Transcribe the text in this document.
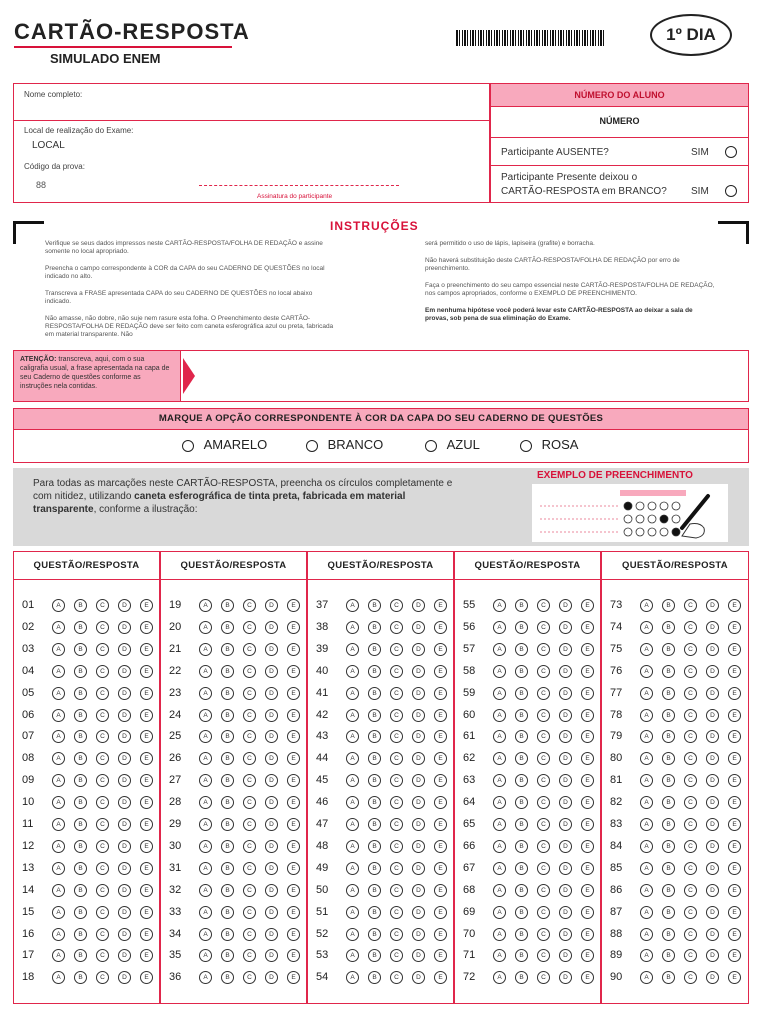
CARTÃO-RESPOSTA
SIMULADO ENEM
1º DIA
Nome completo:
Local de realização do Exame:
LOCAL
Código da prova:
88
Assinatura do participante
NÚMERO DO ALUNO
NÚMERO
Participante AUSENTE?	SIM
Participante Presente deixou o
CARTÃO-RESPOSTA em BRANCO? SIM
INSTRUÇÕES

Verifique se seus dados impressos neste CARTÃO-RESPOSTA/FOLHA DE REDAÇÃO e assine somente no local apropriado.

Preencha o campo correspondente à COR da CAPA do seu CADERNO DE QUESTÕES no local indicado no alto.

Transcreva a FRASE apresentada CAPA do seu CADERNO DE QUESTÕES no local abaixo indicado.

Não amasse, não dobre, não suje nem rasure esta folha. O Preenchimento deste CARTÃO-RESPOSTA/FOLHA DE REDAÇÃO deve ser feito com caneta esferográfica azul ou preta, fabricada em material transparente. Não

será permitido o uso de lápis, lapiseira (grafite) e borracha.

Não haverá substituição deste CARTÃO-RESPOSTA/FOLHA DE REDAÇÃO por erro de preenchimento.

Faça o preenchimento do seu campo essencial neste CARTÃO-RESPOSTA/FOLHA DE REDAÇÃO, nos campos apropriados, conforme o EXEMPLO DE PREENCHIMENTO.

Em nenhuma hipótese você poderá levar este CARTÃO-RESPOSTA ao deixar a sala de provas, sob pena de sua eliminação do Exame.

ATENÇÃO: transcreva, aqui, com o sua caligrafia usual, a frase apresentada na capa de seu Caderno de questões conforme as instruções nela contidas.
MARQUE A OPÇÃO CORRESPONDENTE À COR DA CAPA DO SEU CADERNO DE QUESTÕES
AMARELO	BRANCO	AZUL	ROSA
Para todas as marcações neste CARTÃO-RESPOSTA, preencha os círculos completamente e com nitidez, utilizando caneta esferográfica de tinta preta, fabricada em material transparente, conforme a ilustração:
EXEMPLO DE PREENCHIMENTO
QUESTÃO/RESPOSTA
01	A	B	C	D	E
02	A	B	C	D	E
03	A	B	C	D	E
04	A	B	C	D	E
05	A	B	C	D	E
06	A	B	C	D	E
07	A	B	C	D	E
08	A	B	C	D	E
09	A	B	C	D	E
10	A	B	C	D	E
11	A	B	C	D	E
12	A	B	C	D	E
13	A	B	C	D	E
14	A	B	C	D	E
15	A	B	C	D	E
16	A	B	C	D	E
17	A	B	C	D	E
18	A	B	C	D	E
QUESTÃO/RESPOSTA
19	A	B	C	D	E
20	A	B	C	D	E
21	A	B	C	D	E
22	A	B	C	D	E
23	A	B	C	D	E
24	A	B	C	D	E
25	A	B	C	D	E
26	A	B	C	D	E
27	A	B	C	D	E
28	A	B	C	D	E
29	A	B	C	D	E
30	A	B	C	D	E
31	A	B	C	D	E
32	A	B	C	D	E
33	A	B	C	D	E
34	A	B	C	D	E
35	A	B	C	D	E
36	A	B	C	D	E
QUESTÃO/RESPOSTA
37	A	B	C	D	E
38	A	B	C	D	E
39	A	B	C	D	E
40	A	B	C	D	E
41	A	B	C	D	E
42	A	B	C	D	E
43	A	B	C	D	E
44	A	B	C	D	E
45	A	B	C	D	E
46	A	B	C	D	E
47	A	B	C	D	E
48	A	B	C	D	E
49	A	B	C	D	E
50	A	B	C	D	E
51	A	B	C	D	E
52	A	B	C	D	E
53	A	B	C	D	E
54	A	B	C	D	E
QUESTÃO/RESPOSTA
55	A	B	C	D	E
56	A	B	C	D	E
57	A	B	C	D	E
58	A	B	C	D	E
59	A	B	C	D	E
60	A	B	C	D	E
61	A	B	C	D	E
62	A	B	C	D	E
63	A	B	C	D	E
64	A	B	C	D	E
65	A	B	C	D	E
66	A	B	C	D	E
67	A	B	C	D	E
68	A	B	C	D	E
69	A	B	C	D	E
70	A	B	C	D	E
71	A	B	C	D	E
72	A	B	C	D	E
QUESTÃO/RESPOSTA
73	A	B	C	D	E
74	A	B	C	D	E
75	A	B	C	D	E
76	A	B	C	D	E
77	A	B	C	D	E
78	A	B	C	D	E
79	A	B	C	D	E
80	A	B	C	D	E
81	A	B	C	D	E
82	A	B	C	D	E
83	A	B	C	D	E
84	A	B	C	D	E
85	A	B	C	D	E
86	A	B	C	D	E
87	A	B	C	D	E
88	A	B	C	D	E
89	A	B	C	D	E
90	A	B	C	D	E
